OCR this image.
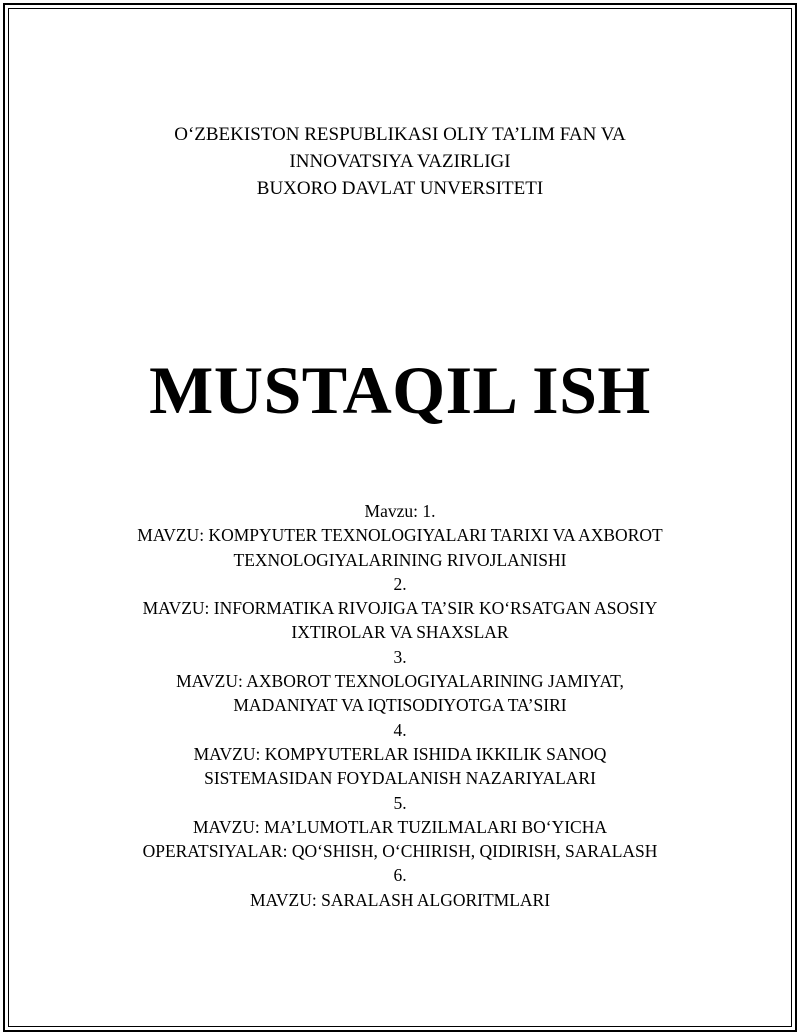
O‘ZBEKISTON RESPUBLIKASI OLIY TA’LIM FAN VA
INNOVATSIYA VAZIRLIGI
BUXORO DAVLAT UNVERSITETI
MUSTAQIL ISH
Mavzu: 1.
MAVZU: KOMPYUTER TEXNOLOGIYALARI TARIXI VA AXBOROT
TEXNOLOGIYALARINING RIVOJLANISHI
2.
MAVZU: INFORMATIKA RIVOJIGA TA’SIR KO‘RSATGAN ASOSIY
IXTIROLAR VA SHAXSLAR
3.
MAVZU: AXBOROT TEXNOLOGIYALARINING JAMIYAT,
MADANIYAT VA IQTISODIYOTGA TA’SIRI
4.
MAVZU: KOMPYUTERLAR ISHIDA IKKILIK SANOQ
SISTEMASIDAN FOYDALANISH NAZARIYALARI
5.
MAVZU: MA’LUMOTLAR TUZILMALARI BO‘YICHA
OPERATSIYALAR: QO‘SHISH, O‘CHIRISH, QIDIRISH, SARALASH
6.
MAVZU: SARALASH ALGORITMLARI
